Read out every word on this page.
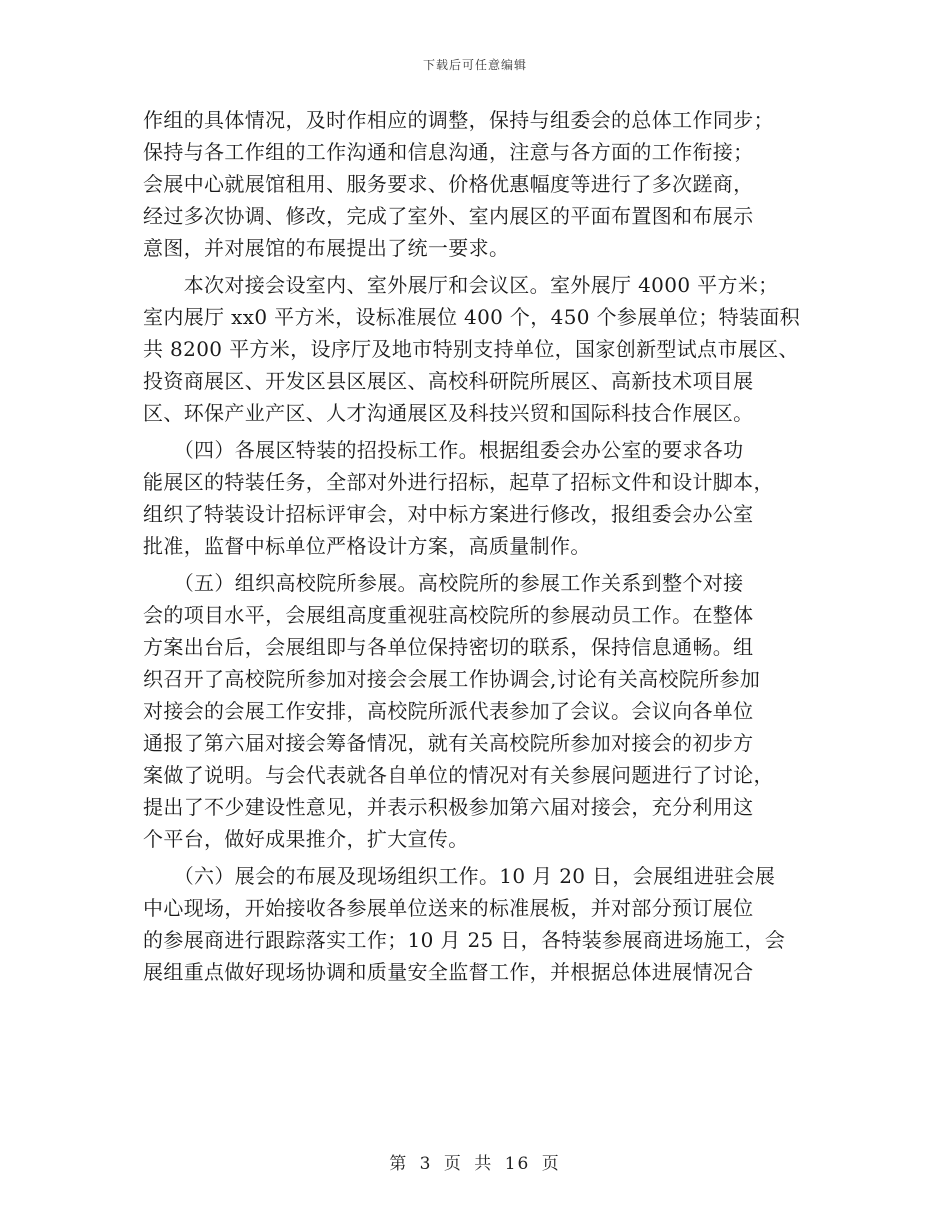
下载后可任意编辑
作组的具体情况，及时作相应的调整，保持与组委会的总体工作同步；
保持与各工作组的工作沟通和信息沟通，注意与各方面的工作衔接；
会展中心就展馆租用、服务要求、价格优惠幅度等进行了多次蹉商，
经过多次协调、修改，完成了室外、室内展区的平面布置图和布展示
意图，并对展馆的布展提出了统一要求。
　　本次对接会设室内、室外展厅和会议区。室外展厅 4000 平方米；
室内展厅 xx0 平方米，设标准展位 400 个，450 个参展单位；特装面积
共 8200 平方米，设序厅及地市特别支持单位，国家创新型试点市展区、
投资商展区、开发区县区展区、高校科研院所展区、高新技术项目展
区、环保产业产区、人才沟通展区及科技兴贸和国际科技合作展区。
　　（四）各展区特装的招投标工作。根据组委会办公室的要求各功
能展区的特装任务，全部对外进行招标，起草了招标文件和设计脚本，
组织了特装设计招标评审会，对中标方案进行修改，报组委会办公室
批准，监督中标单位严格设计方案，高质量制作。
　　（五）组织高校院所参展。高校院所的参展工作关系到整个对接
会的项目水平，会展组高度重视驻高校院所的参展动员工作。在整体
方案出台后，会展组即与各单位保持密切的联系，保持信息通畅。组
织召开了高校院所参加对接会会展工作协调会,讨论有关高校院所参加
对接会的会展工作安排，高校院所派代表参加了会议。会议向各单位
通报了第六届对接会筹备情况，就有关高校院所参加对接会的初步方
案做了说明。与会代表就各自单位的情况对有关参展问题进行了讨论，
提出了不少建设性意见，并表示积极参加第六届对接会，充分利用这
个平台，做好成果推介，扩大宣传。
　　（六）展会的布展及现场组织工作。10 月 20 日，会展组进驻会展
中心现场，开始接收各参展单位送来的标准展板，并对部分预订展位
的参展商进行跟踪落实工作；10 月 25 日，各特装参展商进场施工，会
展组重点做好现场协调和质量安全监督工作，并根据总体进展情况合
第 3 页 共 16 页
